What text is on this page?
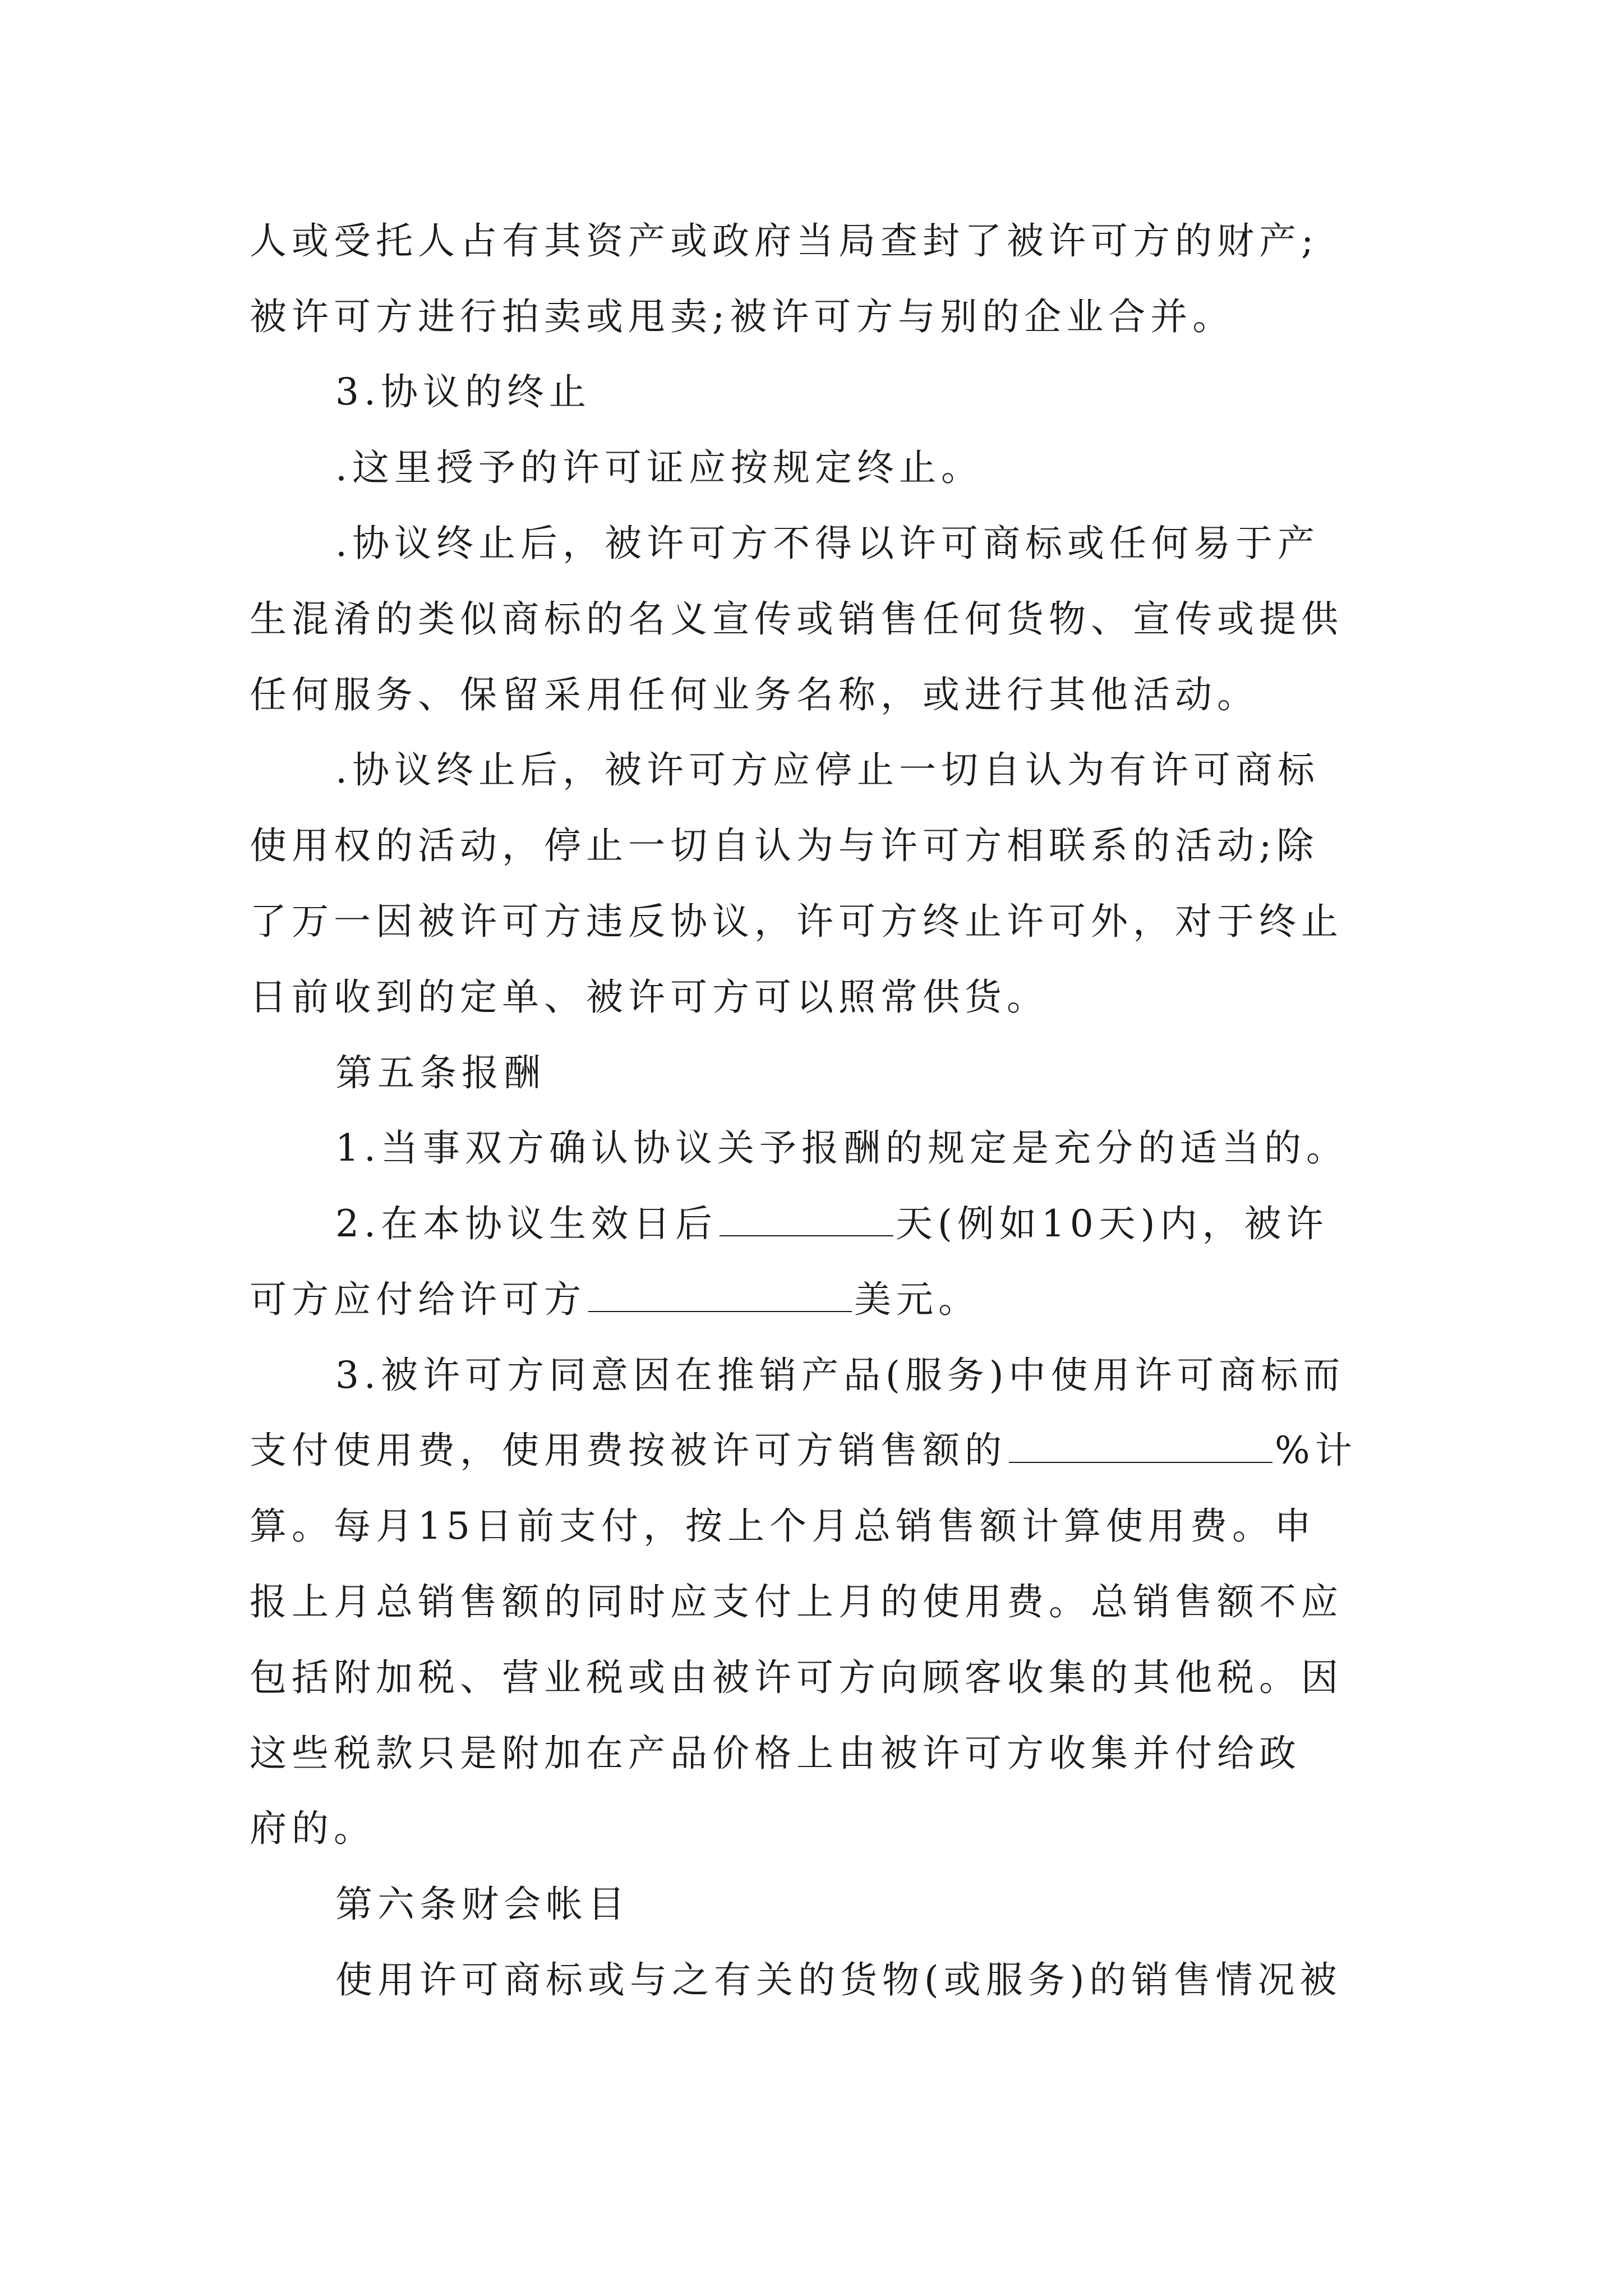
人或受托人占有其资产或政府当局查封了被许可方的财产;
被许可方进行拍卖或甩卖;被许可方与别的企业合并。
3.协议的终止
.这里授予的许可证应按规定终止。
.协议终止后，被许可方不得以许可商标或任何易于产
生混淆的类似商标的名义宣传或销售任何货物、宣传或提供
任何服务、保留采用任何业务名称，或进行其他活动。
.协议终止后，被许可方应停止一切自认为有许可商标
使用权的活动，停止一切自认为与许可方相联系的活动;除
了万一因被许可方违反协议，许可方终止许可外，对于终止
日前收到的定单、被许可方可以照常供货。
第五条报酬
1.当事双方确认协议关予报酬的规定是充分的适当的。
2.在本协议生效日后	天(例如10天)内，被许
可方应付给许可方	美元。
3.被许可方同意因在推销产品(服务)中使用许可商标而
支付使用费，使用费按被许可方销售额的	%计
算。每月15日前支付，按上个月总销售额计算使用费。申
报上月总销售额的同时应支付上月的使用费。总销售额不应
包括附加税、营业税或由被许可方向顾客收集的其他税。因
这些税款只是附加在产品价格上由被许可方收集并付给政
府的。
第六条财会帐目
使用许可商标或与之有关的货物(或服务)的销售情况被
